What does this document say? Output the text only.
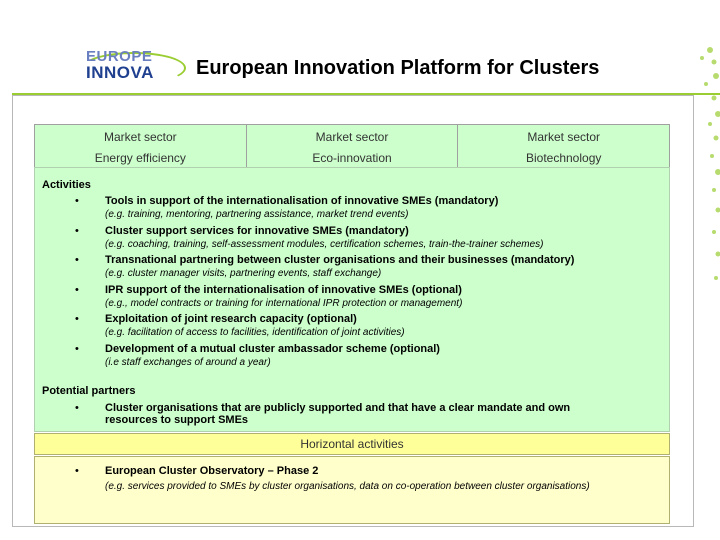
EUROPE
INNOVA European Innovation Platform for Clusters
Market sector
Energy efficiency
Market sector
Eco-innovation
Market sector
Biotechnology
Activities
• Tools in support of the internationalisation of innovative SMEs (mandatory)
(e.g. training, mentoring, partnering assistance, market trend events)
• Cluster support services for innovative SMEs (mandatory)
(e.g. coaching, training, self-assessment modules, certification schemes, train-the-trainer schemes)
• Transnational partnering between cluster organisations and their businesses (mandatory)
(e.g. cluster manager visits, partnering events, staff exchange)
• IPR support of the internationalisation of innovative SMEs (optional)
(e.g., model contracts or training for international IPR protection or management)
• Exploitation of joint research capacity (optional)
(e.g. facilitation of access to facilities, identification of joint activities)
• Development of a mutual cluster ambassador scheme (optional)
(i.e staff exchanges of around a year)
Potential partners
• Cluster organisations that are publicly supported and that have a clear mandate and own
resources to support SMEs
Horizontal activities
• European Cluster Observatory – Phase 2
(e.g. services provided to SMEs by cluster organisations, data on co-operation between cluster organisations)
